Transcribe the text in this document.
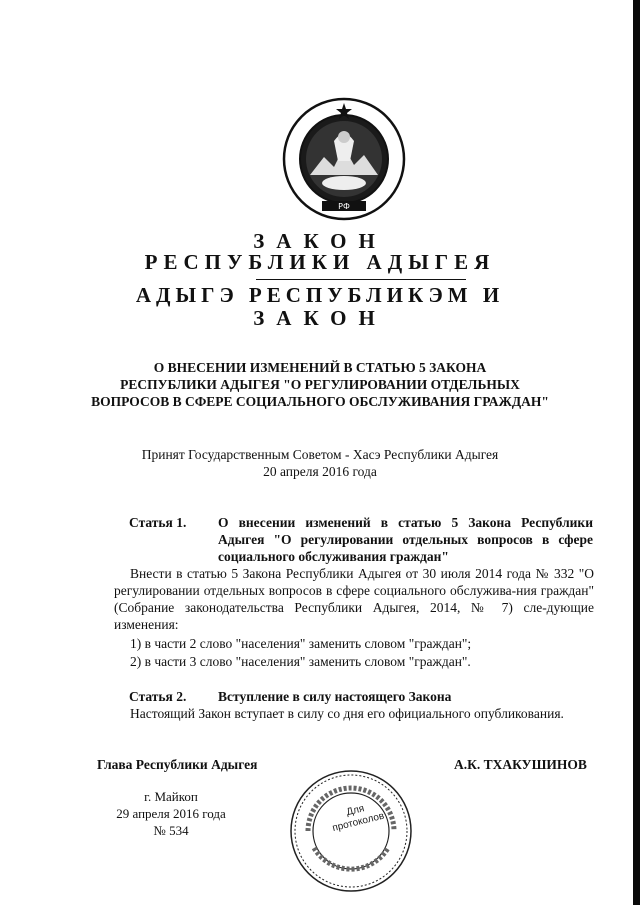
РФ
ЗАКОН
РЕСПУБЛИКИ АДЫГЕЯ
АДЫГЭ РЕСПУБЛИКЭМ И
ЗАКОН
О ВНЕСЕНИИ ИЗМЕНЕНИЙ В СТАТЬЮ 5 ЗАКОНА
РЕСПУБЛИКИ АДЫГЕЯ "О РЕГУЛИРОВАНИИ ОТДЕЛЬНЫХ
ВОПРОСОВ В СФЕРЕ СОЦИАЛЬНОГО ОБСЛУЖИВАНИЯ ГРАЖДАН"
Принят Государственным Советом - Хасэ Республики Адыгея
20 апреля 2016 года
Статья 1. О внесении изменений в статью 5 Закона Республики Адыгея "О регулировании отдельных вопросов в сфере социального обслуживания граждан"
Внести в статью 5 Закона Республики Адыгея от 30 июля 2014 года № 332 "О регулировании отдельных вопросов в сфере социального обслужива-ния граждан" (Собрание законодательства Республики Адыгея, 2014, № 7) сле-дующие изменения:
1) в части 2 слово "населения" заменить словом "граждан";
2) в части 3 слово "населения" заменить словом "граждан".
Статья 2. Вступление в силу настоящего Закона
Настоящий Закон вступает в силу со дня его официального опубликования.
Глава Республики Адыгея	А.К. ТХАКУШИНОВ
г. Майкоп
29 апреля 2016 года
№ 534
Для протоколов
